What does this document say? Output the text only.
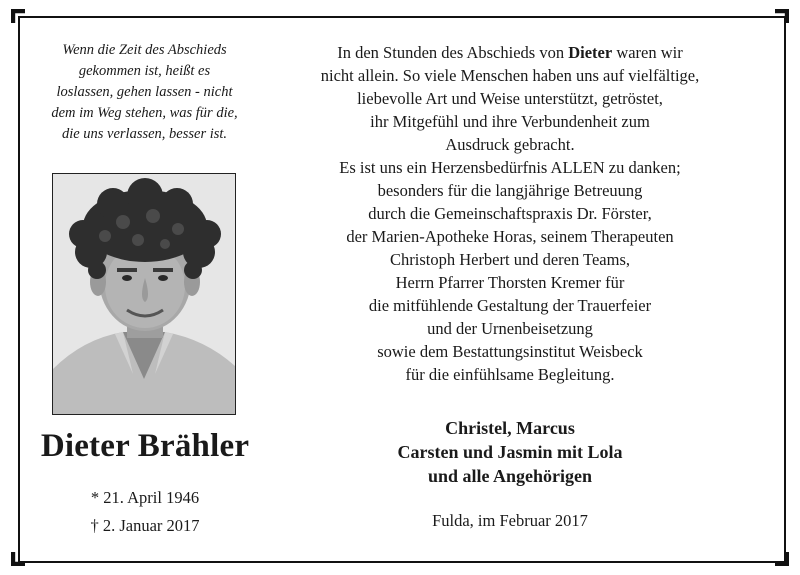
Wenn die Zeit des Abschieds
gekommen ist, heißt es
loslassen, gehen lassen - nicht
dem im Weg stehen, was für die,
die uns verlassen, besser ist.

Dieter Brähler
* 21. April 1946
† 2. Januar 2017
In den Stunden des Abschieds von Dieter waren wir
nicht allein. So viele Menschen haben uns auf vielfältige,
liebevolle Art und Weise unterstützt, getröstet,
ihr Mitgefühl und ihre Verbundenheit zum
Ausdruck gebracht.
Es ist uns ein Herzensbedürfnis ALLEN zu danken;
besonders für die langjährige Betreuung
durch die Gemeinschaftspraxis Dr. Förster,
der Marien-Apotheke Horas, seinem Therapeuten
Christoph Herbert und deren Teams,
Herrn Pfarrer Thorsten Kremer für
die mitfühlende Gestaltung der Trauerfeier
und der Urnenbeisetzung
sowie dem Bestattungsinstitut Weisbeck
für die einfühlsame Begleitung.
Christel, Marcus
Carsten und Jasmin mit Lola
und alle Angehörigen
Fulda, im Februar 2017
